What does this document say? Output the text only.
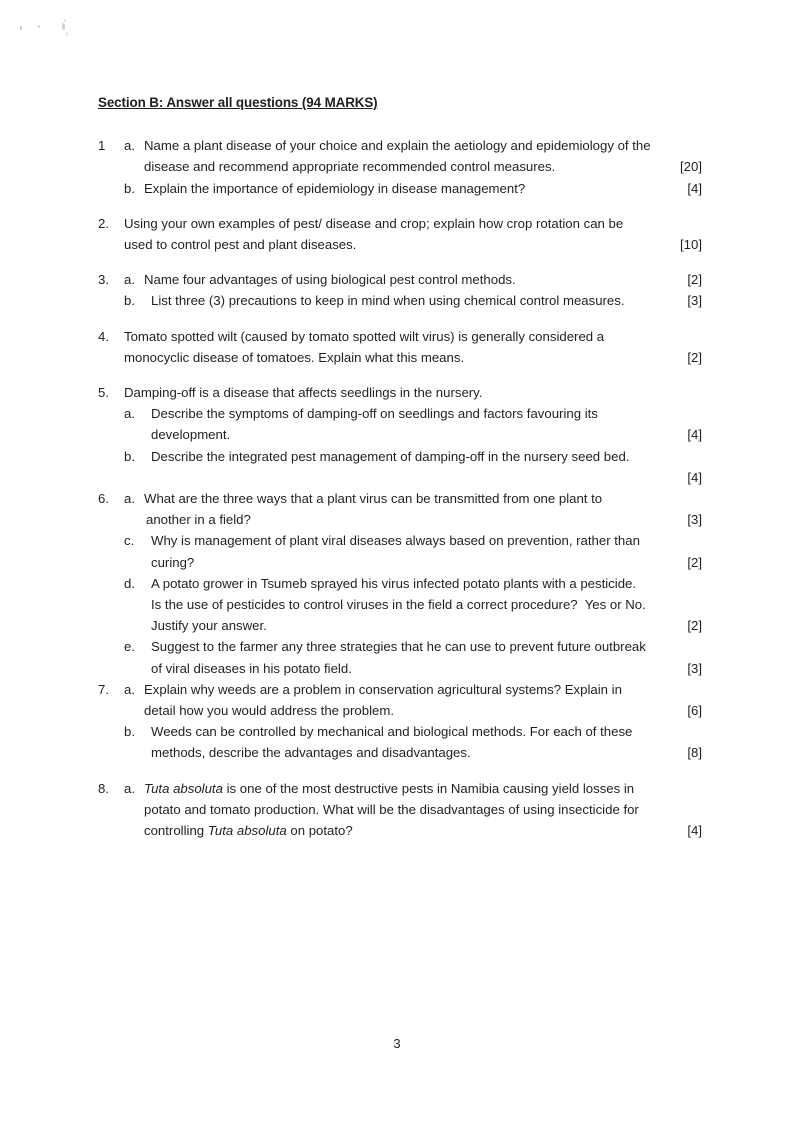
Section B: Answer all questions (94 MARKS)
1	a. Name a plant disease of your choice and explain the aetiology and epidemiology of the
disease and recommend appropriate recommended control measures.	[20]
b. Explain the importance of epidemiology in disease management?	[4]
2.	Using your own examples of pest/ disease and crop; explain how crop rotation can be
used to control pest and plant diseases.	[10]
3.	a. Name four advantages of using biological pest control methods.	[2]
b.	List three (3) precautions to keep in mind when using chemical control measures.	[3]
4.	Tomato spotted wilt (caused by tomato spotted wilt virus) is generally considered a
monocyclic disease of tomatoes. Explain what this means.	[2]
5.	Damping-off is a disease that affects seedlings in the nursery.
a.	Describe the symptoms of damping-off on seedlings and factors favouring its
development.	[4]
b.	Describe the integrated pest management of damping-off in the nursery seed bed.
[4]
6.	a. What are the three ways that a plant virus can be transmitted from one plant to
another in a field?	[3]
c.	Why is management of plant viral diseases always based on prevention, rather than
curing?	[2]
d.	A potato grower in Tsumeb sprayed his virus infected potato plants with a pesticide.
Is the use of pesticides to control viruses in the field a correct procedure?  Yes or No.
Justify your answer.	[2]
e.	Suggest to the farmer any three strategies that he can use to prevent future outbreak
of viral diseases in his potato field.	[3]
7.	a. Explain why weeds are a problem in conservation agricultural systems? Explain in
detail how you would address the problem.	[6]
b.	Weeds can be controlled by mechanical and biological methods. For each of these
methods, describe the advantages and disadvantages.	[8]
8.	a. Tuta absoluta is one of the most destructive pests in Namibia causing yield losses in
potato and tomato production. What will be the disadvantages of using insecticide for
controlling Tuta absoluta on potato?	[4]
3
